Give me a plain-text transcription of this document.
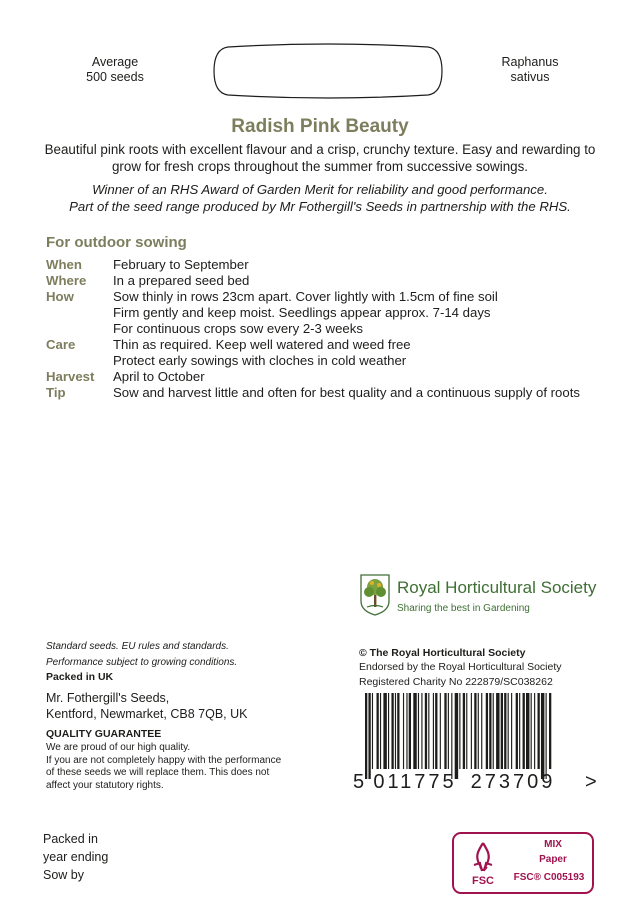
Average
500 seeds
Raphanus
sativus
Radish Pink Beauty
Beautiful pink roots with excellent flavour and a crisp, crunchy texture. Easy and rewarding to
grow for fresh crops throughout the summer from successive sowings.
Winner of an RHS Award of Garden Merit for reliability and good performance.
Part of the seed range produced by Mr Fothergill's Seeds in partnership with the RHS.
For outdoor sowing
When	February to September
Where	In a prepared seed bed
How	Sow thinly in rows 23cm apart. Cover lightly with 1.5cm of fine soil
Firm gently and keep moist. Seedlings appear approx. 7-14 days
For continuous crops sow every 2-3 weeks
Care	Thin as required. Keep well watered and weed free
Protect early sowings with cloches in cold weather
Harvest	April to October
Tip	Sow and harvest little and often for best quality and a continuous supply of roots
Royal Horticultural Society
Sharing the best in Gardening
Standard seeds. EU rules and standards.
Performance subject to growing conditions.
Packed in UK
Mr. Fothergill's Seeds,
Kentford, Newmarket, CB8 7QB, UK
QUALITY GUARANTEE
We are proud of our high quality.
If you are not completely happy with the performance
of these seeds we will replace them. This does not
affect your statutory rights.
© The Royal Horticultural Society
Endorsed by the Royal Horticultural Society
Registered Charity No 222879/SC038262
5 011775 273709 >
Packed in
year ending
Sow by	FSC
MIX
Paper
FSC® C005193
